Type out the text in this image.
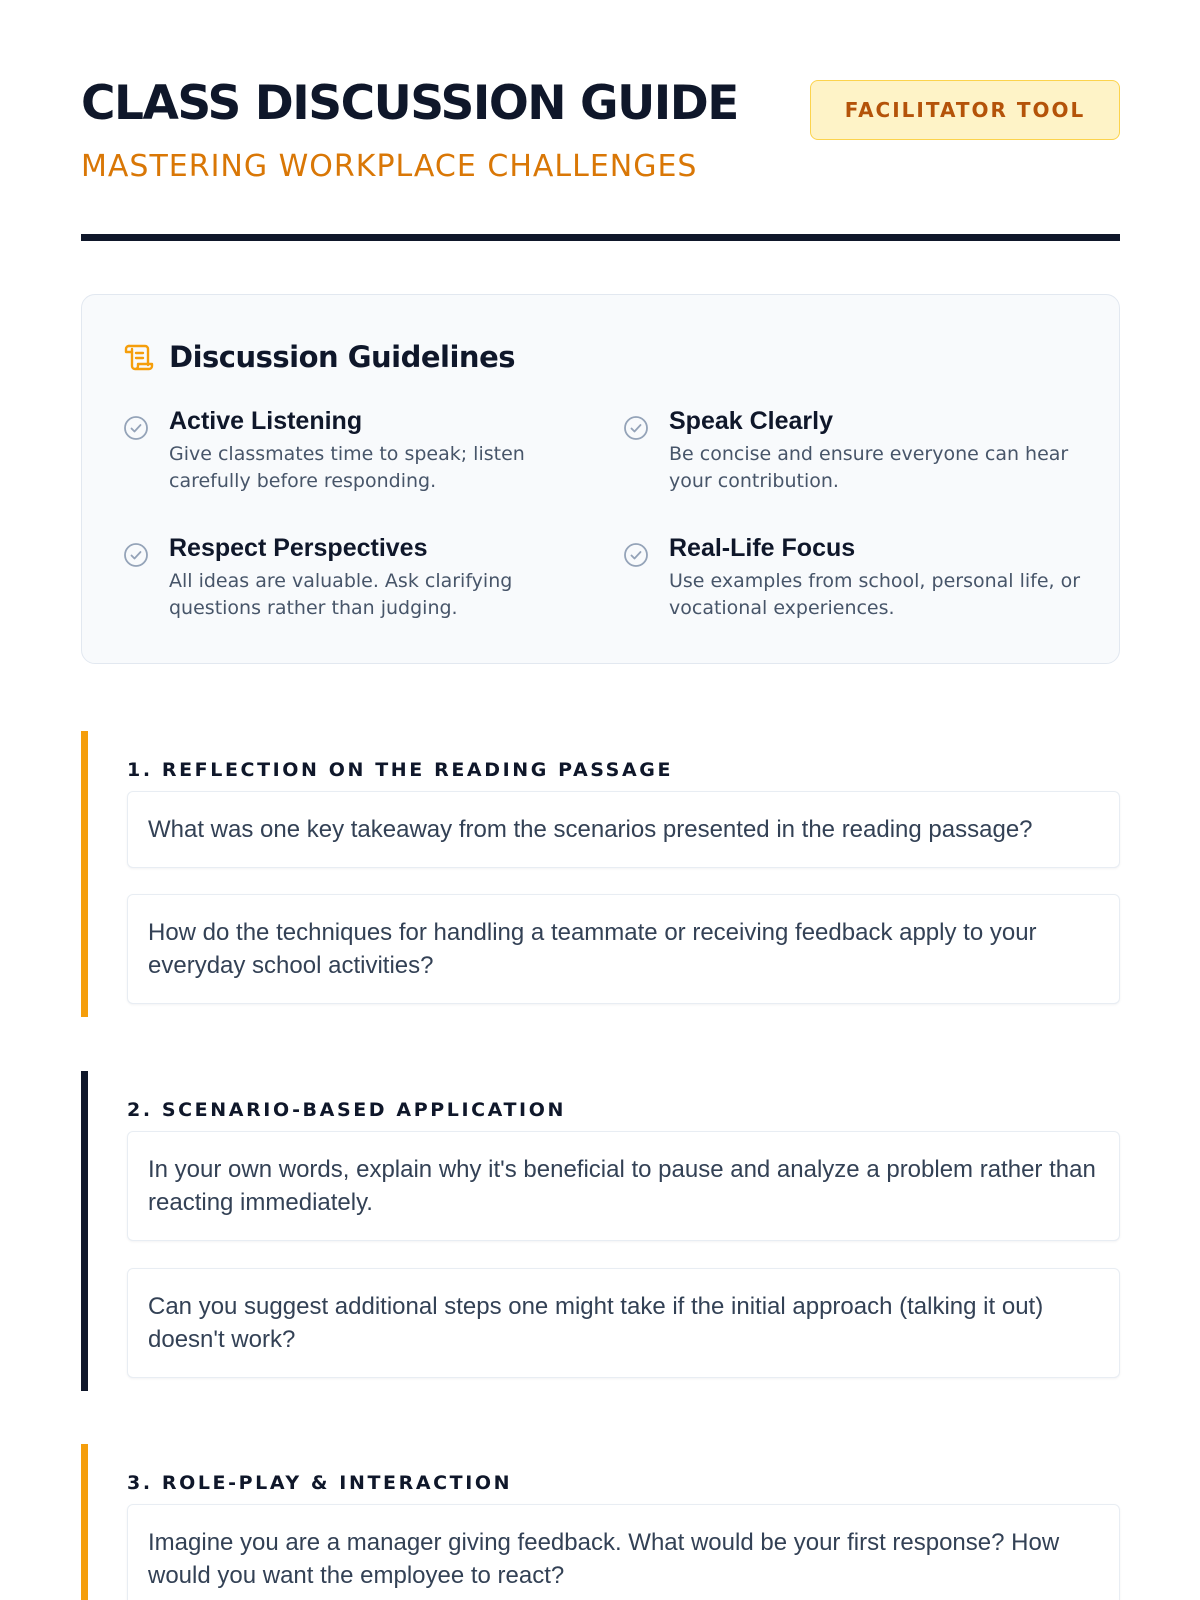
CLASS DISCUSSION GUIDE
MASTERING WORKPLACE CHALLENGES
FACILITATOR TOOL
Discussion Guidelines
Active Listening
Give classmates time to speak; listen carefully before responding.
Speak Clearly
Be concise and ensure everyone can hear your contribution.
Respect Perspectives
All ideas are valuable. Ask clarifying questions rather than judging.
Real-Life Focus
Use examples from school, personal life, or vocational experiences.
1. REFLECTION ON THE READING PASSAGE
What was one key takeaway from the scenarios presented in the reading passage?
How do the techniques for handling a teammate or receiving feedback apply to your everyday school activities?
2. SCENARIO-BASED APPLICATION
In your own words, explain why it's beneficial to pause and analyze a problem rather than reacting immediately.
Can you suggest additional steps one might take if the initial approach (talking it out) doesn't work?
3. ROLE-PLAY & INTERACTION
Imagine you are a manager giving feedback. What would be your first response? How would you want the employee to react?
